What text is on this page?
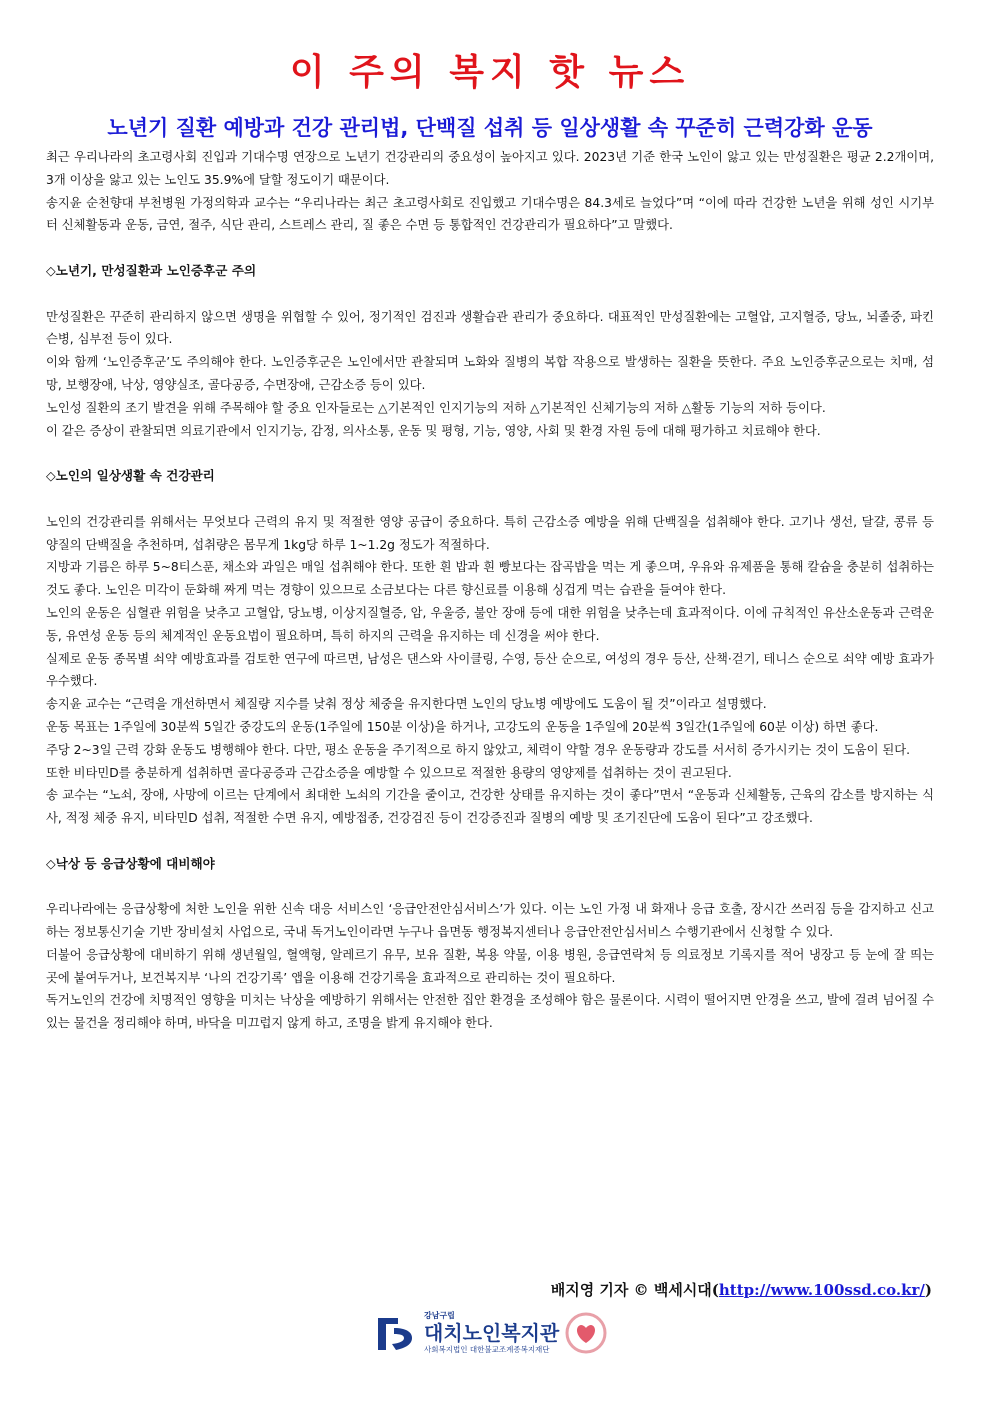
이 주의 복지 핫 뉴스
노년기 질환 예방과 건강 관리법, 단백질 섭취 등 일상생활 속 꾸준히 근력강화 운동

최근 우리나라의 초고령사회 진입과 기대수명 연장으로 노년기 건강관리의 중요성이 높아지고 있다. 2023년 기준 한국 노인이 앓고 있는 만성질환은 평균 2.2개이며, 3개 이상을 앓고 있는 노인도 35.9%에 달할 정도이기 때문이다.

송지윤 순천향대 부천병원 가정의학과 교수는 “우리나라는 최근 초고령사회로 진입했고 기대수명은 84.3세로 늘었다”며 “이에 따라 건강한 노년을 위해 성인 시기부터 신체활동과 운동, 금연, 절주, 식단 관리, 스트레스 관리, 질 좋은 수면 등 통합적인 건강관리가 필요하다”고 말했다.

◇노년기, 만성질환과 노인증후군 주의

만성질환은 꾸준히 관리하지 않으면 생명을 위협할 수 있어, 정기적인 검진과 생활습관 관리가 중요하다. 대표적인 만성질환에는 고혈압, 고지혈증, 당뇨, 뇌졸중, 파킨슨병, 심부전 등이 있다.

이와 함께 ‘노인증후군’도 주의해야 한다. 노인증후군은 노인에서만 관찰되며 노화와 질병의 복합 작용으로 발생하는 질환을 뜻한다. 주요 노인증후군으로는 치매, 섬망, 보행장애, 낙상, 영양실조, 골다공증, 수면장애, 근감소증 등이 있다.

노인성 질환의 조기 발견을 위해 주목해야 할 중요 인자들로는 △기본적인 인지기능의 저하 △기본적인 신체기능의 저하 △활동 기능의 저하 등이다.

이 같은 증상이 관찰되면 의료기관에서 인지기능, 감정, 의사소통, 운동 및 평형, 기능, 영양, 사회 및 환경 자원 등에 대해 평가하고 치료해야 한다.

◇노인의 일상생활 속 건강관리

노인의 건강관리를 위해서는 무엇보다 근력의 유지 및 적절한 영양 공급이 중요하다. 특히 근감소증 예방을 위해 단백질을 섭취해야 한다. 고기나 생선, 달걀, 콩류 등 양질의 단백질을 추천하며, 섭취량은 몸무게 1kg당 하루 1~1.2g 정도가 적절하다.

지방과 기름은 하루 5~8티스푼, 채소와 과일은 매일 섭취해야 한다. 또한 흰 밥과 흰 빵보다는 잡곡밥을 먹는 게 좋으며, 우유와 유제품을 통해 칼슘을 충분히 섭취하는 것도 좋다. 노인은 미각이 둔화해 짜게 먹는 경향이 있으므로 소금보다는 다른 향신료를 이용해 싱겁게 먹는 습관을 들여야 한다.

노인의 운동은 심혈관 위험을 낮추고 고혈압, 당뇨병, 이상지질혈증, 암, 우울증, 불안 장애 등에 대한 위험을 낮추는데 효과적이다. 이에 규칙적인 유산소운동과 근력운동, 유연성 운동 등의 체계적인 운동요법이 필요하며, 특히 하지의 근력을 유지하는 데 신경을 써야 한다.

실제로 운동 종목별 쇠약 예방효과를 검토한 연구에 따르면, 남성은 댄스와 사이클링, 수영, 등산 순으로, 여성의 경우 등산, 산책·걷기, 테니스 순으로 쇠약 예방 효과가 우수했다.

송지윤 교수는 “근력을 개선하면서 체질량 지수를 낮춰 정상 체중을 유지한다면 노인의 당뇨병 예방에도 도움이 될 것”이라고 설명했다.

운동 목표는 1주일에 30분씩 5일간 중강도의 운동(1주일에 150분 이상)을 하거나, 고강도의 운동을 1주일에 20분씩 3일간(1주일에 60분 이상) 하면 좋다.

주당 2~3일 근력 강화 운동도 병행해야 한다. 다만, 평소 운동을 주기적으로 하지 않았고, 체력이 약할 경우 운동량과 강도를 서서히 증가시키는 것이 도움이 된다.

또한 비타민D를 충분하게 섭취하면 골다공증과 근감소증을 예방할 수 있으므로 적절한 용량의 영양제를 섭취하는 것이 권고된다.

송 교수는 “노쇠, 장애, 사망에 이르는 단계에서 최대한 노쇠의 기간을 줄이고, 건강한 상태를 유지하는 것이 좋다”면서 “운동과 신체활동, 근육의 감소를 방지하는 식사, 적정 체중 유지, 비타민D 섭취, 적절한 수면 유지, 예방접종, 건강검진 등이 건강증진과 질병의 예방 및 조기진단에 도움이 된다”고 강조했다.

◇낙상 등 응급상황에 대비해야

우리나라에는 응급상황에 처한 노인을 위한 신속 대응 서비스인 ‘응급안전안심서비스’가 있다. 이는 노인 가정 내 화재나 응급 호출, 장시간 쓰러짐 등을 감지하고 신고하는 정보통신기술 기반 장비설치 사업으로, 국내 독거노인이라면 누구나 읍면동 행정복지센터나 응급안전안심서비스 수행기관에서 신청할 수 있다.

더불어 응급상황에 대비하기 위해 생년월일, 혈액형, 알레르기 유무, 보유 질환, 복용 약물, 이용 병원, 응급연락처 등 의료정보 기록지를 적어 냉장고 등 눈에 잘 띄는 곳에 붙여두거나, 보건복지부 ‘나의 건강기록’ 앱을 이용해 건강기록을 효과적으로 관리하는 것이 필요하다.

독거노인의 건강에 치명적인 영향을 미치는 낙상을 예방하기 위해서는 안전한 집안 환경을 조성해야 함은 물론이다. 시력이 떨어지면 안경을 쓰고, 발에 걸려 넘어질 수 있는 물건을 정리해야 하며, 바닥을 미끄럽지 않게 하고, 조명을 밝게 유지해야 한다.

배지영 기자 © 백세시대(http://www.100ssd.co.kr/)
강남구립
대치노인복지관
사회복지법인 대한불교조계종복지재단
